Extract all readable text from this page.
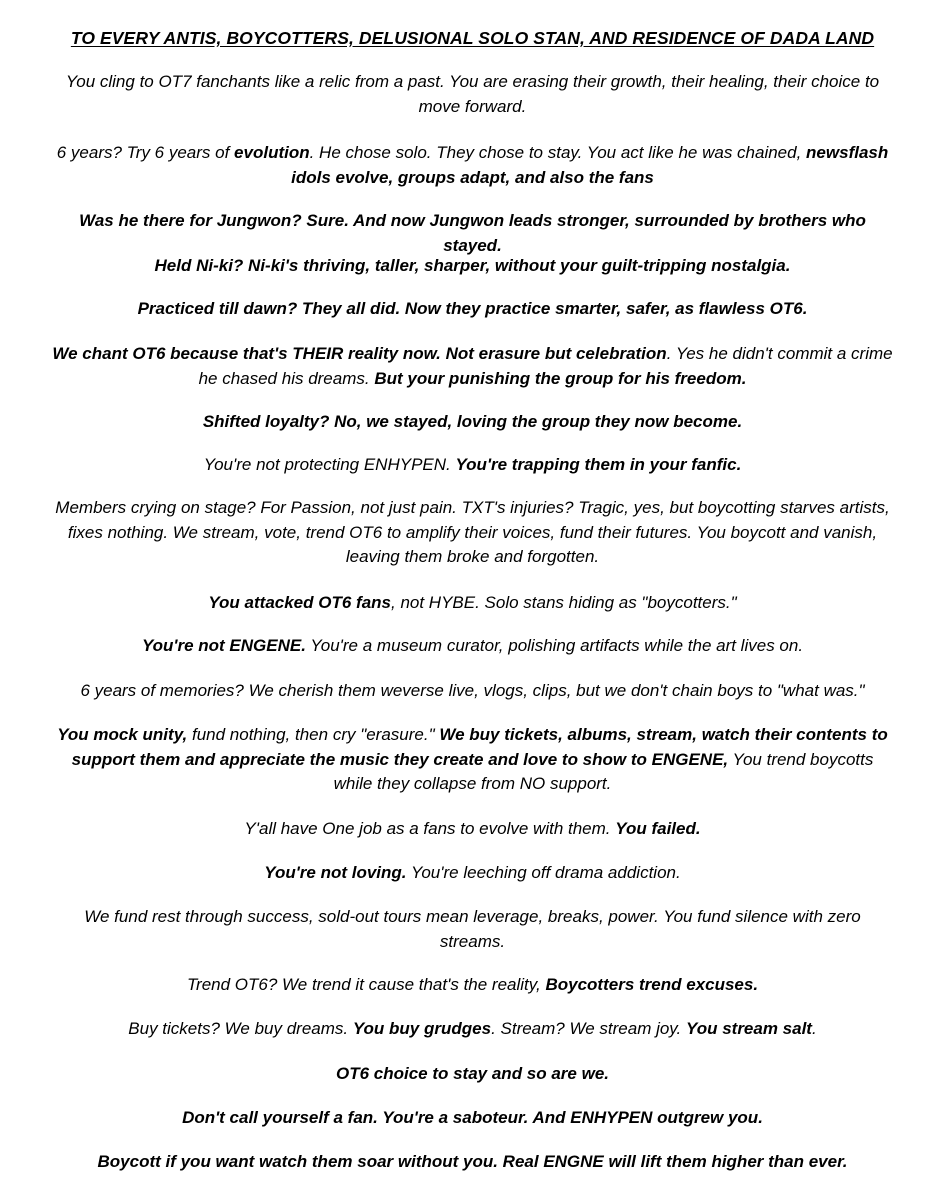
TO EVERY ANTIS, BOYCOTTERS, DELUSIONAL SOLO STAN, AND RESIDENCE OF DADA LAND

You cling to OT7 fanchants like a relic from a past. You are erasing their growth, their healing, their choice to move forward.

6 years? Try 6 years of evolution. He chose solo. They chose to stay. You act like he was chained, newsflash idols evolve, groups adapt, and also the fans

Was he there for Jungwon? Sure. And now Jungwon leads stronger, surrounded by brothers who stayed.

Held Ni-ki? Ni-ki's thriving, taller, sharper, without your guilt-tripping nostalgia.

Practiced till dawn? They all did. Now they practice smarter, safer, as flawless OT6.

We chant OT6 because that's THEIR reality now. Not erasure but celebration. Yes he didn't commit a crime he chased his dreams. But your punishing the group for his freedom.

Shifted loyalty? No, we stayed, loving the group they now become.

You're not protecting ENHYPEN. You're trapping them in your fanfic.

Members crying on stage? For Passion, not just pain. TXT's injuries? Tragic, yes, but boycotting starves artists, fixes nothing. We stream, vote, trend OT6 to amplify their voices, fund their futures. You boycott and vanish, leaving them broke and forgotten.

You attacked OT6 fans, not HYBE. Solo stans hiding as "boycotters."

You're not ENGENE. You're a museum curator, polishing artifacts while the art lives on.

6 years of memories? We cherish them weverse live, vlogs, clips, but we don't chain boys to "what was."

You mock unity, fund nothing, then cry "erasure." We buy tickets, albums, stream, watch their contents to support them and appreciate the music they create and love to show to ENGENE, You trend boycotts while they collapse from NO support.

Y'all have One job as a fans to evolve with them. You failed.

You're not loving. You're leeching off drama addiction.

We fund rest through success, sold-out tours mean leverage, breaks, power. You fund silence with zero streams.

Trend OT6? We trend it cause that's the reality, Boycotters trend excuses.

Buy tickets? We buy dreams. You buy grudges. Stream? We stream joy. You stream salt.

OT6 choice to stay and so are we.

Don't call yourself a fan. You're a saboteur. And ENHYPEN outgrew you.

Boycott if you want watch them soar without you. Real ENGNE will lift them higher than ever.
